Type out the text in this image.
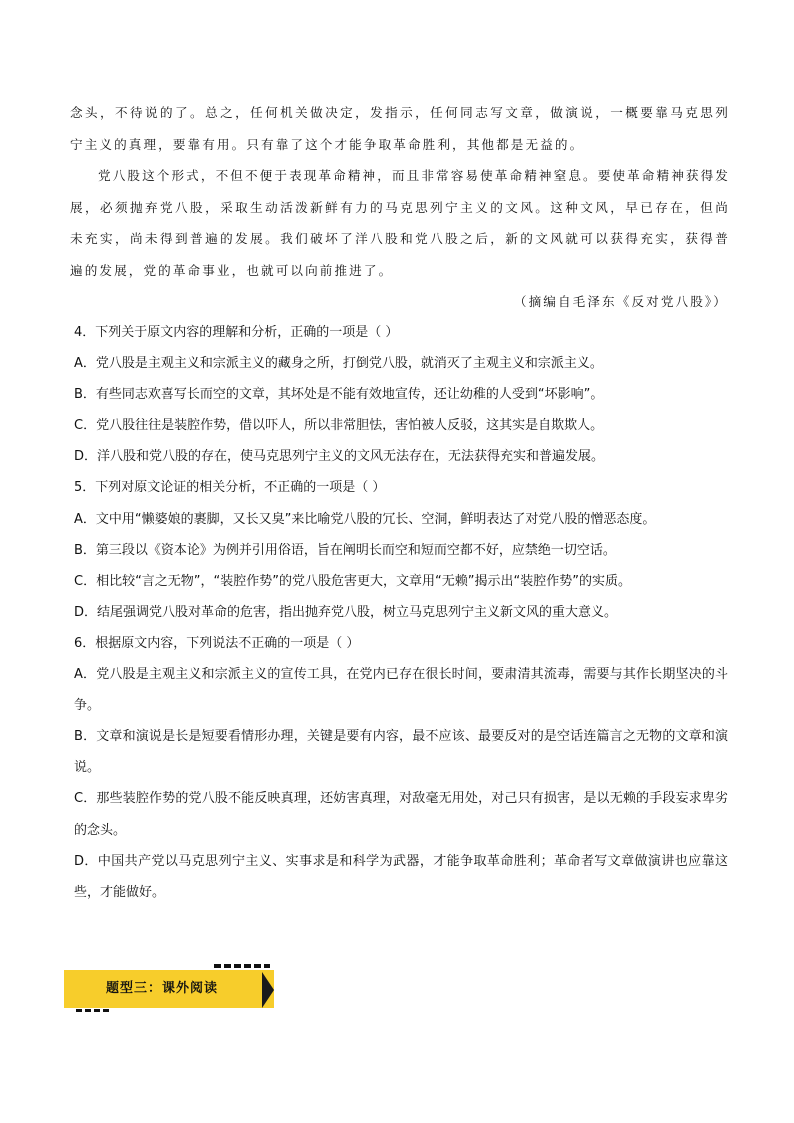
念头，不待说的了。总之，任何机关做决定，发指示，任何同志写文章，做演说，一概要靠马克思列宁主义的真理，要靠有用。只有靠了这个才能争取革命胜利，其他都是无益的。

党八股这个形式，不但不便于表现革命精神，而且非常容易使革命精神窒息。要使革命精神获得发展，必须抛弃党八股，采取生动活泼新鲜有力的马克思列宁主义的文风。这种文风，早已存在，但尚未充实，尚未得到普遍的发展。我们破坏了洋八股和党八股之后，新的文风就可以获得充实，获得普遍的发展，党的革命事业，也就可以向前推进了。

（摘编自毛泽东《反对党八股》）

4．下列关于原文内容的理解和分析，正确的一项是（ ）

A．党八股是主观主义和宗派主义的藏身之所，打倒党八股，就消灭了主观主义和宗派主义。

B．有些同志欢喜写长而空的文章，其坏处是不能有效地宣传，还让幼稚的人受到“坏影响”。

C．党八股往往是装腔作势，借以吓人，所以非常胆怯，害怕被人反驳，这其实是自欺欺人。

D．洋八股和党八股的存在，使马克思列宁主义的文风无法存在，无法获得充实和普遍发展。

5．下列对原文论证的相关分析，不正确的一项是（ ）

A．文中用“懒婆娘的裹脚，又长又臭”来比喻党八股的冗长、空洞，鲜明表达了对党八股的憎恶态度。

B．第三段以《资本论》为例并引用俗语，旨在阐明长而空和短而空都不好，应禁绝一切空话。

C．相比较“言之无物”，“装腔作势”的党八股危害更大，文章用“无赖”揭示出“装腔作势”的实质。

D．结尾强调党八股对革命的危害，指出抛弃党八股，树立马克思列宁主义新文风的重大意义。

6．根据原文内容，下列说法不正确的一项是（ ）

A．党八股是主观主义和宗派主义的宣传工具，在党内已存在很长时间，要肃清其流毒，需要与其作长期坚决的斗争。

B．文章和演说是长是短要看情形办理，关键是要有内容，最不应该、最要反对的是空话连篇言之无物的文章和演说。

C．那些装腔作势的党八股不能反映真理，还妨害真理，对敌毫无用处，对己只有损害，是以无赖的手段妄求卑劣的念头。

D．中国共产党以马克思列宁主义、实事求是和科学为武器，才能争取革命胜利；革命者写文章做演讲也应靠这些，才能做好。

题型三：课外阅读
